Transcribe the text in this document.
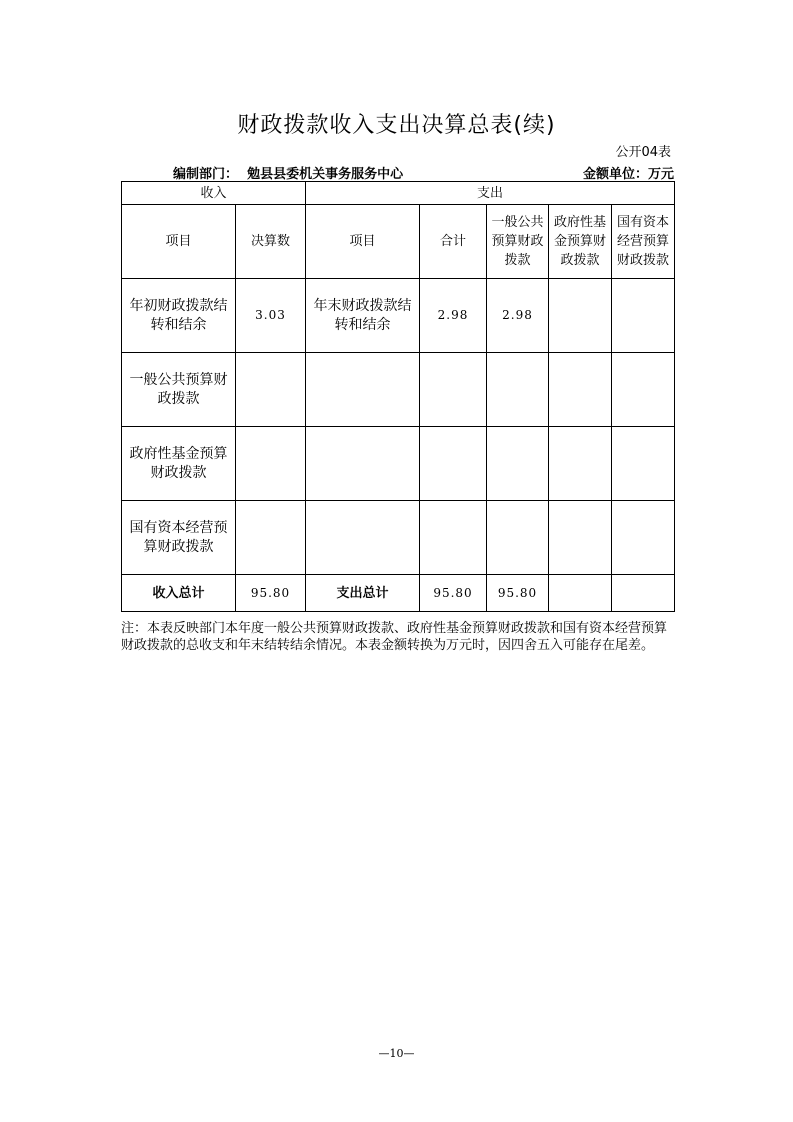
财政拨款收入支出决算总表(续)
公开04表
编制部门： 勉县县委机关事务服务中心	金额单位：万元
收入		支出				
项目	决算数	项目	合计	一般公共预算财政拨款	政府性基金预算财政拨款	国有资本经营预算财政拨款
年初财政拨款结转和结余	3.03	年末财政拨款结转和结余	2.98	2.98		
一般公共预算财政拨款						
政府性基金预算财政拨款						
国有资本经营预算财政拨款						
收入总计	95.80	支出总计	95.80	95.80		
注：本表反映部门本年度一般公共预算财政拨款、政府性基金预算财政拨款和国有资本经营预算财政拨款的总收支和年末结转结余情况。本表金额转换为万元时，因四舍五入可能存在尾差。
—10—
